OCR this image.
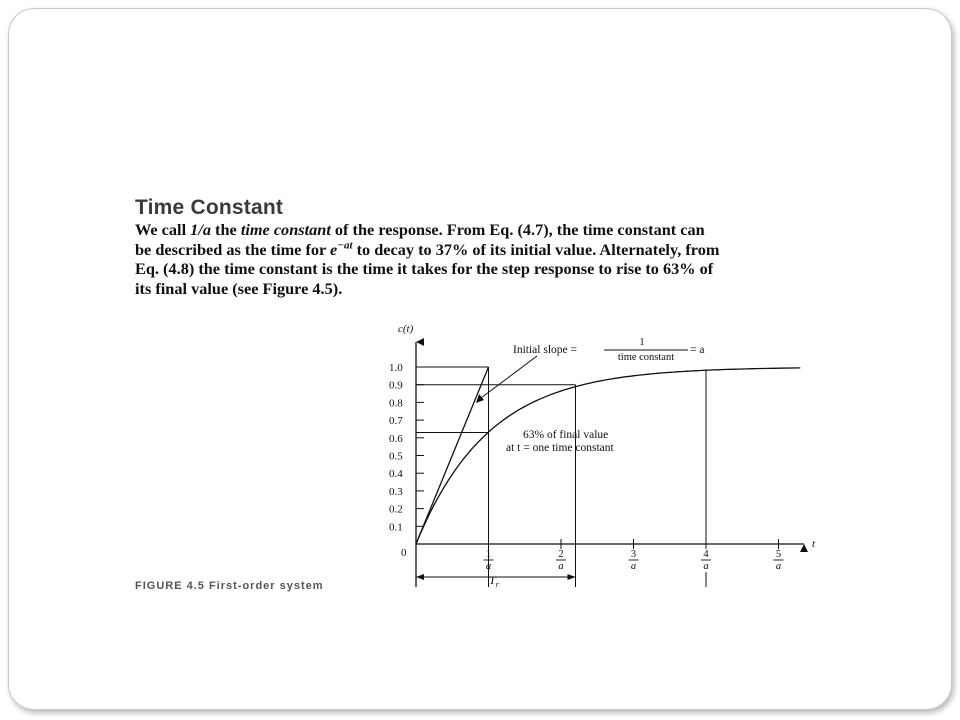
Time Constant
We call 1/a the time constant of the response. From Eq. (4.7), the time constant can
be described as the time for $e^{-at}$ to decay to 37% of its initial value. Alternately, from
Eq. (4.8) the time constant is the time it takes for the step response to rise to 63% of
its final value (see Figure 4.5).
0.1
0.2
0.3
0.4
0.5
0.6
0.7
0.8
0.9
1.0
1
a
2
a
3
a
4
a
5
a
c(t)
t
0
Initial slope =
1
time constant
= a
63% of final value
at t = one time constant
$T_r$
FIGURE 4.5 First-order system
